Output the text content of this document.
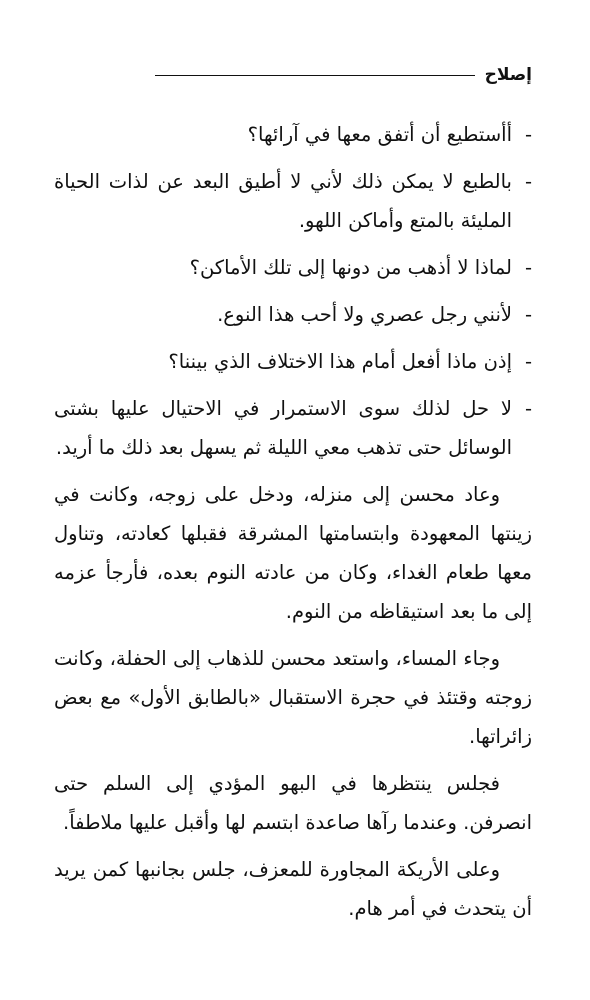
إصلاح
-
أأستطيع أن أتفق معها في آرائها؟
-
بالطبع لا يمكن ذلك لأني لا أطيق البعد عن لذات الحياة المليئة بالمتع وأماكن اللهو.
-
لماذا لا أذهب من دونها إلى تلك الأماكن؟
-
لأنني رجل عصري ولا أحب هذا النوع.
-
إذن ماذا أفعل أمام هذا الاختلاف الذي بيننا؟
-
لا حل لذلك سوى الاستمرار في الاحتيال عليها بشتى الوسائل حتى تذهب معي الليلة ثم يسهل بعد ذلك ما أريد.

وعاد محسن إلى منزله، ودخل على زوجه، وكانت في زينتها المعهودة وابتسامتها المشرقة فقبلها كعادته، وتناول معها طعام الغداء، وكان من عادته النوم بعده، فأرجأ عزمه إلى ما بعد استيقاظه من النوم.

وجاء المساء، واستعد محسن للذهاب إلى الحفلة، وكانت زوجته وقتئذ في حجرة الاستقبال «بالطابق الأول» مع بعض زائراتها.

فجلس ينتظرها في البهو المؤدي إلى السلم حتى انصرفن. وعندما رآها صاعدة ابتسم لها وأقبل عليها ملاطفاً.

وعلى الأريكة المجاورة للمعزف، جلس بجانبها كمن يريد أن يتحدث في أمر هام.
